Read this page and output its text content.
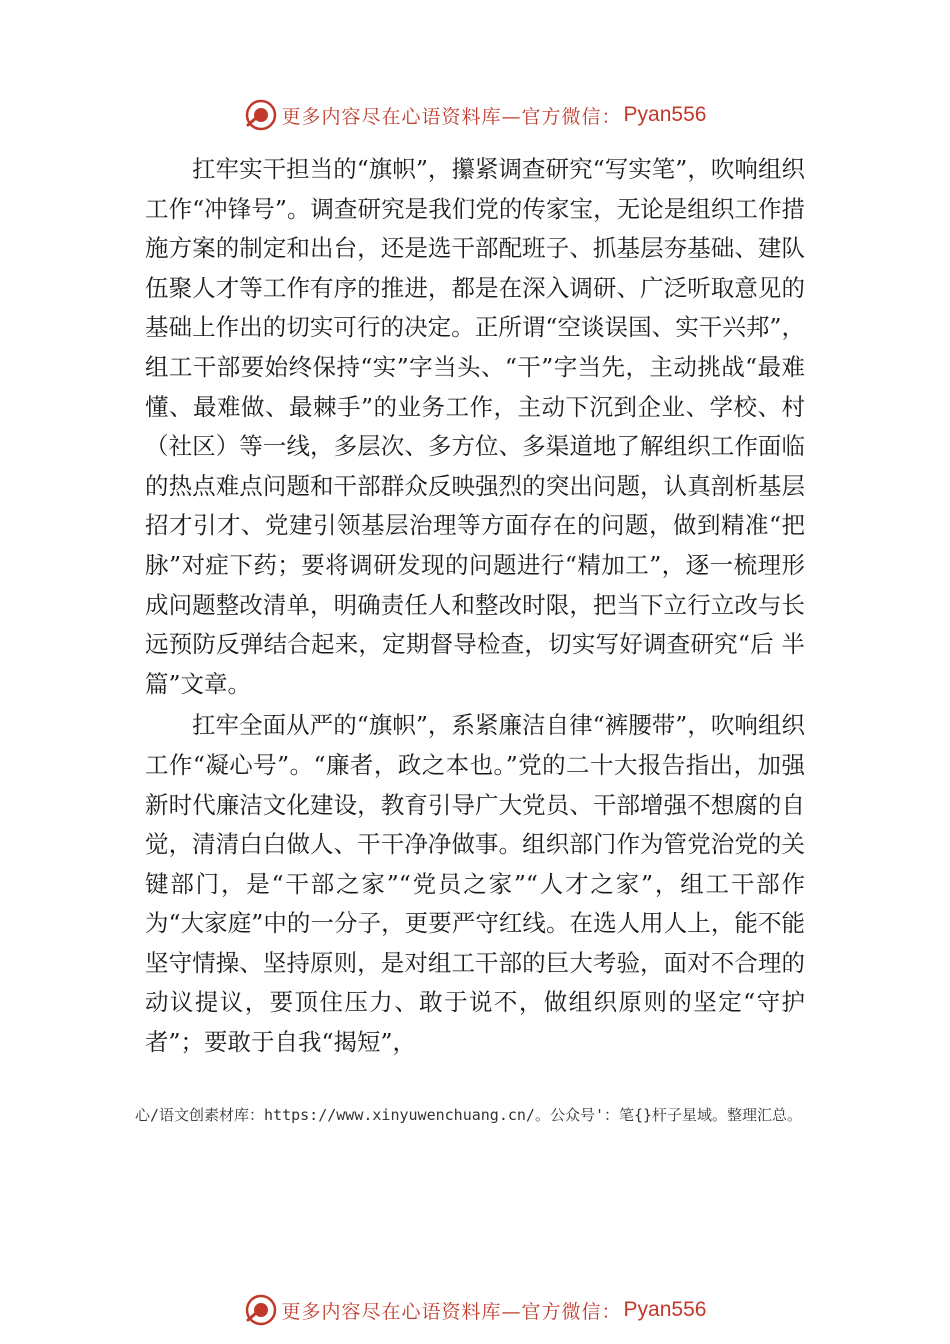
更多内容尽在心语资料库—官方微信： Pyan556

扛牢实干担当的“旗帜”，攥紧调查研究“写实笔”，吹响组织工作“冲锋号”。调查研究是我们党的传家宝，无论是组织工作措施方案的制定和出台，还是选干部配班子、抓基层夯基础、建队伍聚人才等工作有序的推进，都是在深入调研、广泛听取意见的基础上作出的切实可行的决定。正所谓“空谈误国、实干兴邦”，组工干部要始终保持“实”字当头、“干”字当先，主动挑战“最难懂、最难做、最棘手”的业务工作，主动下沉到企业、学校、村（社区）等一线，多层次、多方位、多渠道地了解组织工作面临的热点难点问题和干部群众反映强烈的突出问题，认真剖析基层招才引才、党建引领基层治理等方面存在的问题，做到精准“把脉”对症下药；要将调研发现的问题进行“精加工”，逐一梳理形成问题整改清单，明确责任人和整改时限，把当下立行立改与长远预防反弹结合起来，定期督导检查，切实写好调查研究“后 半篇”文章。

扛牢全面从严的“旗帜”，系紧廉洁自律“裤腰带”，吹响组织工作“凝心号”。“廉者，政之本也。”党的二十大报告指出，加强新时代廉洁文化建设，教育引导广大党员、干部增强不想腐的自觉，清清白白做人、干干净净做事。组织部门作为管党治党的关键部门，是“干部之家”“党员之家”“人才之家”，组工干部作为“大家庭”中的一分子，更要严守红线。在选人用人上，能不能坚守情操、坚持原则，是对组工干部的巨大考验，面对不合理的动议提议，要顶住压力、敢于说不，做组织原则的坚定“守护者”；要敢于自我“揭短”，

心/语文创素材库：https://www.xinyuwenchuang.cn/。公众号'：笔{}杆子星域。整理汇总。
更多内容尽在心语资料库—官方微信： Pyan556
